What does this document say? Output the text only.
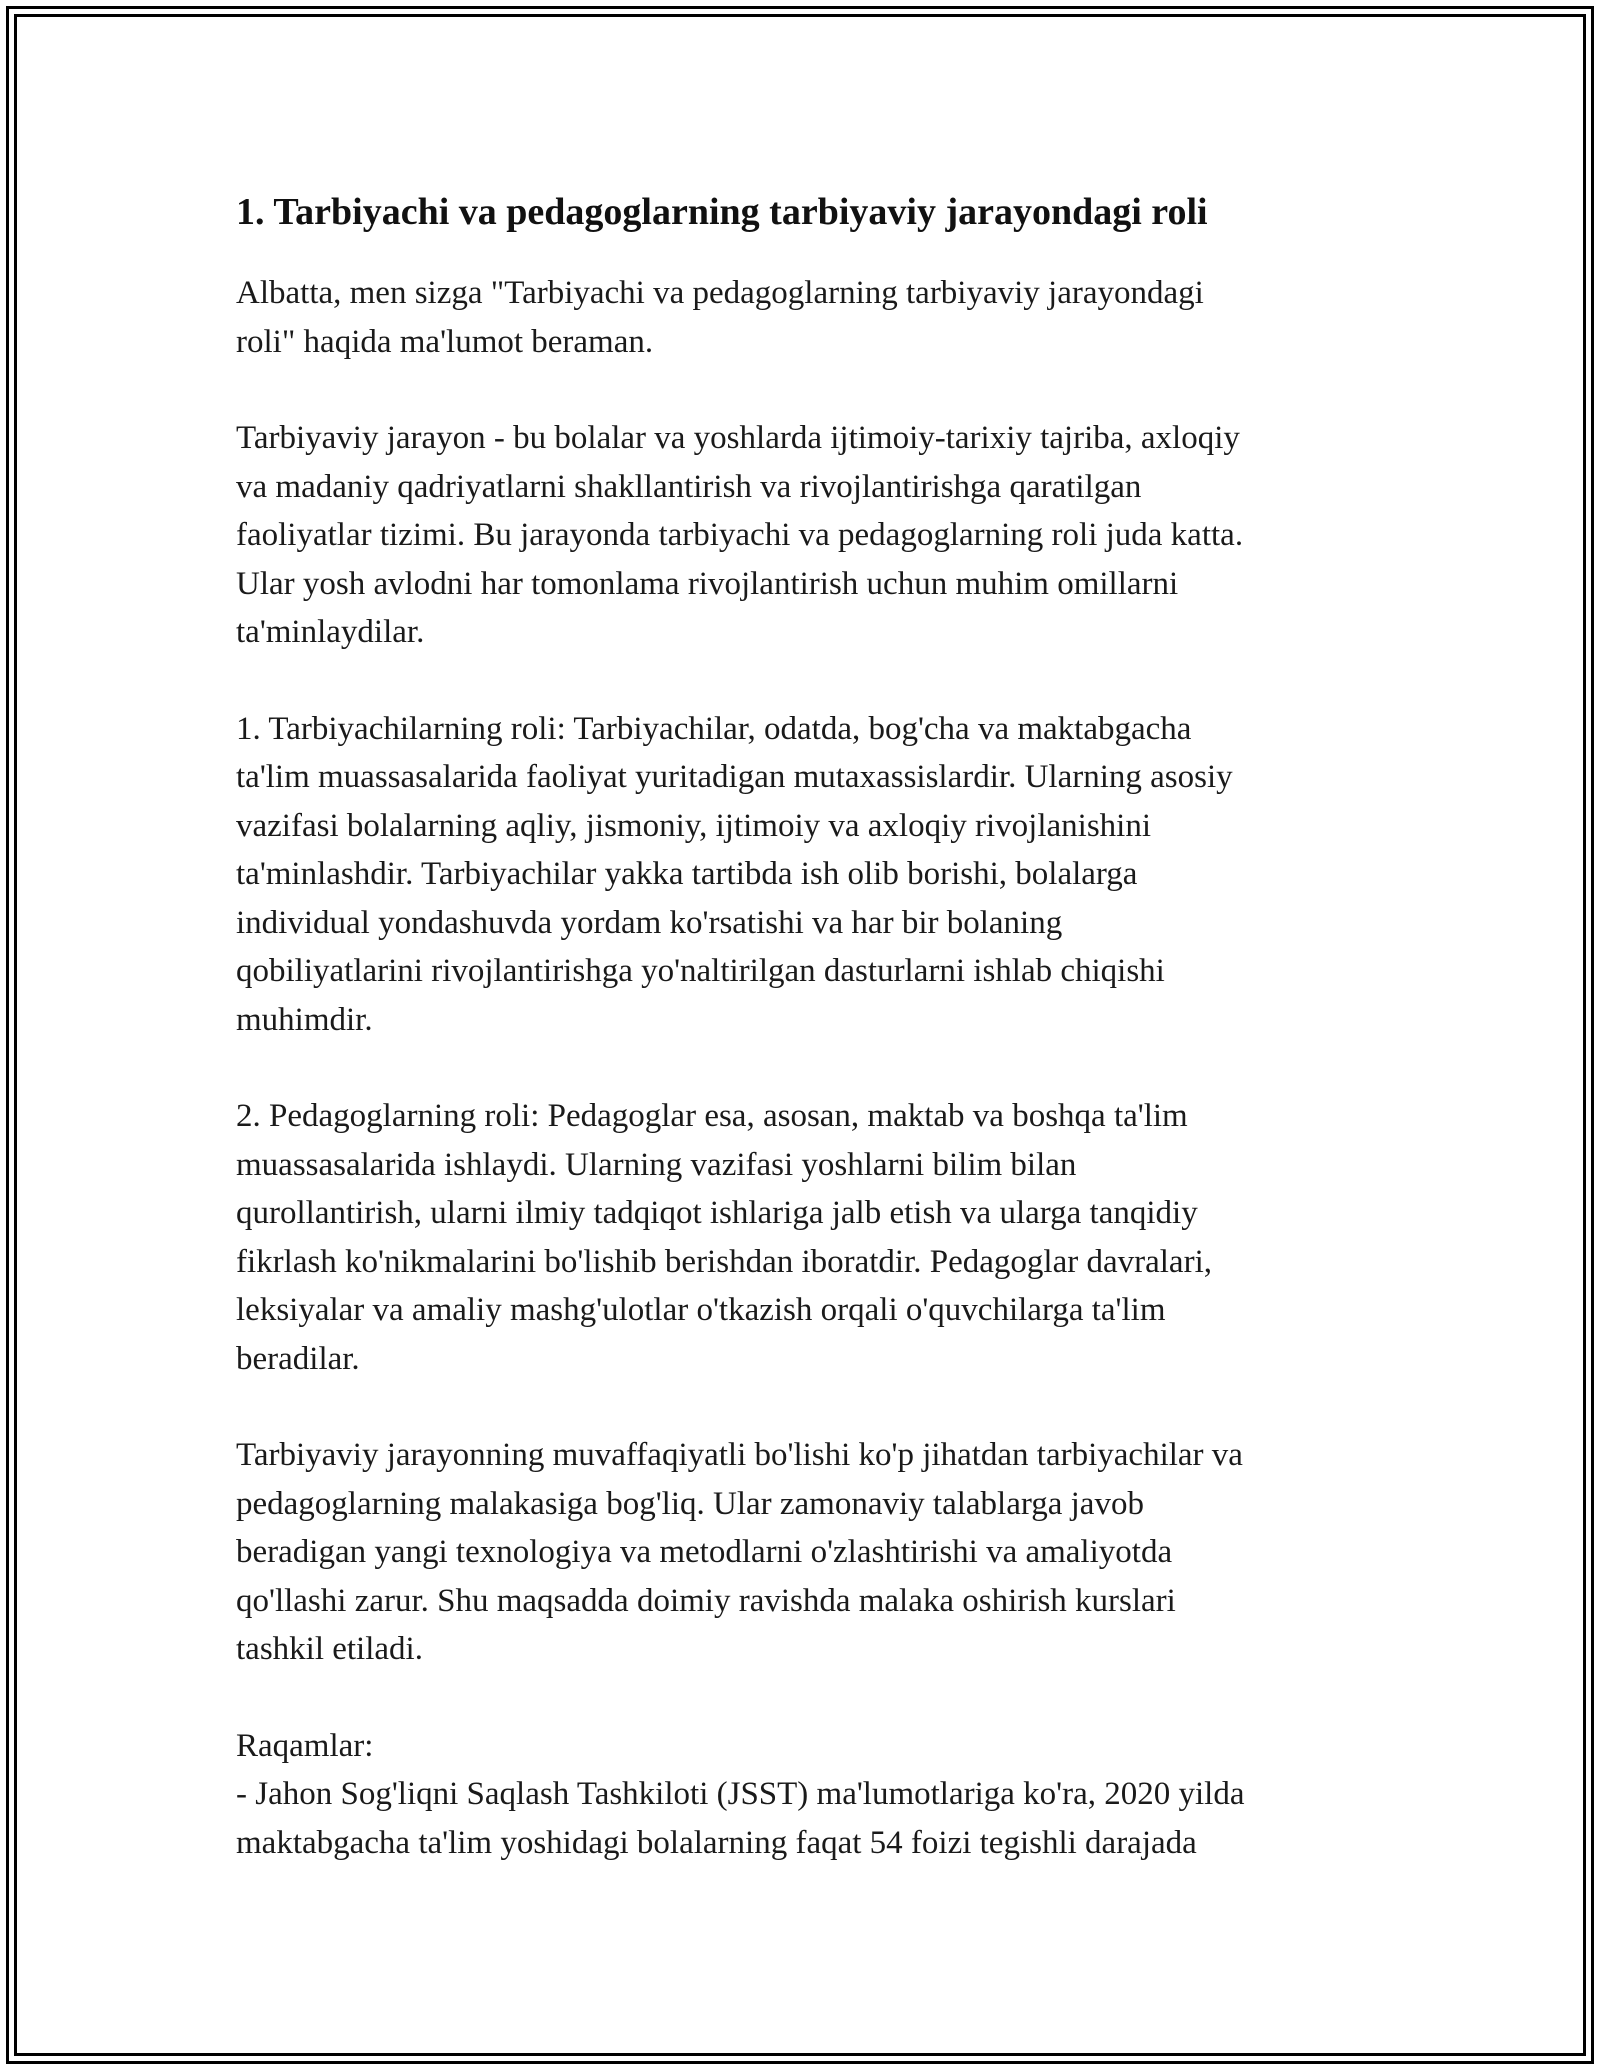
1. Tarbiyachi va pedagoglarning tarbiyaviy jarayondagi roli

Albatta, men sizga "Tarbiyachi va pedagoglarning tarbiyaviy jarayondagi
roli" haqida ma'lumot beraman.

Tarbiyaviy jarayon - bu bolalar va yoshlarda ijtimoiy-tarixiy tajriba, axloqiy
va madaniy qadriyatlarni shakllantirish va rivojlantirishga qaratilgan
faoliyatlar tizimi. Bu jarayonda tarbiyachi va pedagoglarning roli juda katta.
Ular yosh avlodni har tomonlama rivojlantirish uchun muhim omillarni
ta'minlaydilar.

1. Tarbiyachilarning roli: Tarbiyachilar, odatda, bog'cha va maktabgacha
ta'lim muassasalarida faoliyat yuritadigan mutaxassislardir. Ularning asosiy
vazifasi bolalarning aqliy, jismoniy, ijtimoiy va axloqiy rivojlanishini
ta'minlashdir. Tarbiyachilar yakka tartibda ish olib borishi, bolalarga
individual yondashuvda yordam ko'rsatishi va har bir bolaning
qobiliyatlarini rivojlantirishga yo'naltirilgan dasturlarni ishlab chiqishi
muhimdir.

2. Pedagoglarning roli: Pedagoglar esa, asosan, maktab va boshqa ta'lim
muassasalarida ishlaydi. Ularning vazifasi yoshlarni bilim bilan
qurollantirish, ularni ilmiy tadqiqot ishlariga jalb etish va ularga tanqidiy
fikrlash ko'nikmalarini bo'lishib berishdan iboratdir. Pedagoglar davralari,
leksiyalar va amaliy mashg'ulotlar o'tkazish orqali o'quvchilarga ta'lim
beradilar.

Tarbiyaviy jarayonning muvaffaqiyatli bo'lishi ko'p jihatdan tarbiyachilar va
pedagoglarning malakasiga bog'liq. Ular zamonaviy talablarga javob
beradigan yangi texnologiya va metodlarni o'zlashtirishi va amaliyotda
qo'llashi zarur. Shu maqsadda doimiy ravishda malaka oshirish kurslari
tashkil etiladi.

Raqamlar:
- Jahon Sog'liqni Saqlash Tashkiloti (JSST) ma'lumotlariga ko'ra, 2020 yilda
maktabgacha ta'lim yoshidagi bolalarning faqat 54 foizi tegishli darajada
